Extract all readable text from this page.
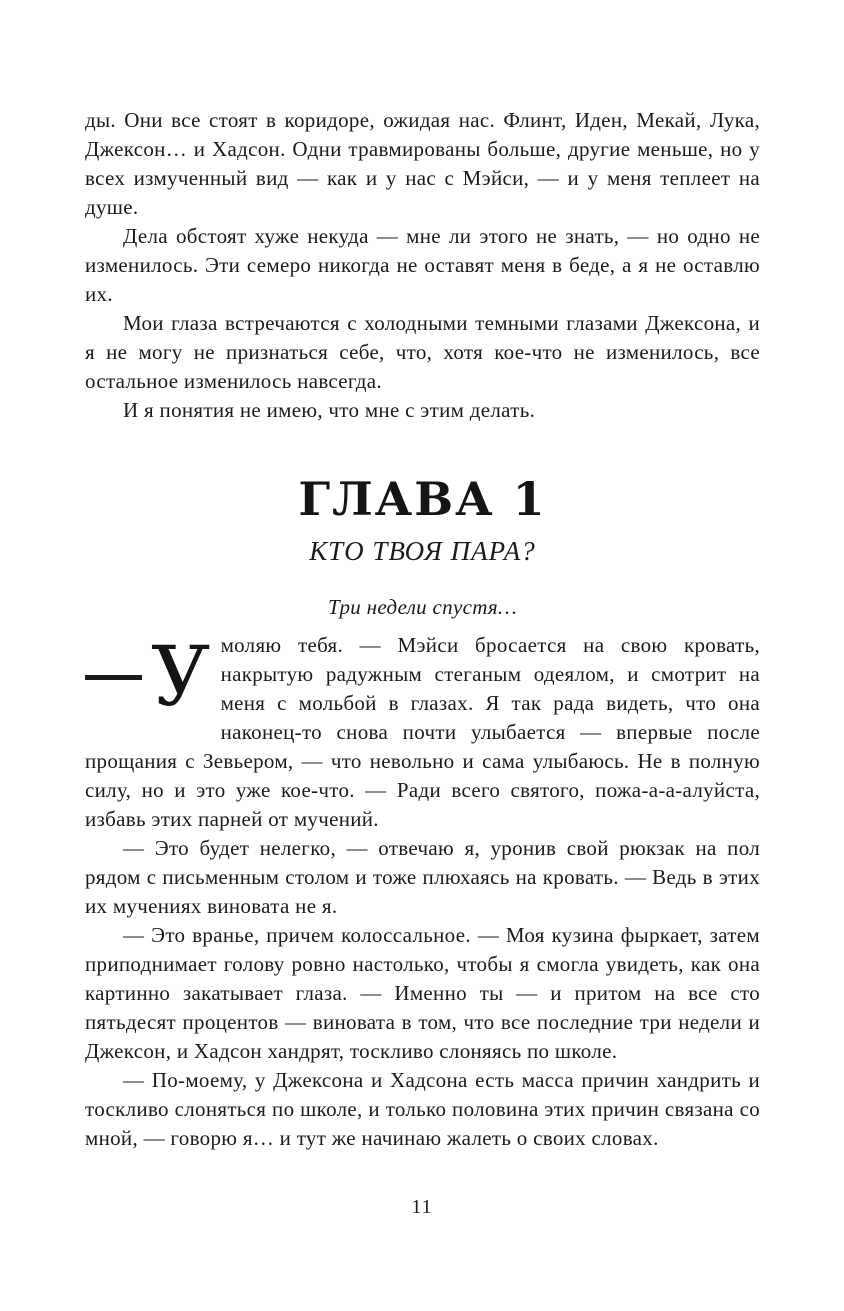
ды. Они все стоят в коридоре, ожидая нас. Флинт, Иден, Мекай, Лука, Джексон… и Хадсон. Одни травмированы больше, другие меньше, но у всех измученный вид — как и у нас с Мэйси, — и у меня теплеет на душе.

Дела обстоят хуже некуда — мне ли этого не знать, — но одно не изменилось. Эти семеро никогда не оставят меня в беде, а я не оставлю их.

Мои глаза встречаются с холодными темными глазами Джексона, и я не могу не признаться себе, что, хотя кое-что не изменилось, все остальное изменилось навсегда.

И я понятия не имею, что мне с этим делать.

ГЛАВА 1
КТО ТВОЯ ПАРА?

Три недели спустя…

У моляю тебя. — Мэйси бросается на свою кровать, накрытую радужным стеганым одеялом, и смотрит на меня с мольбой в глазах. Я так рада видеть, что она наконец-то снова почти улыбается — впервые после прощания с Зевьером, — что невольно и сама улыбаюсь. Не в полную силу, но и это уже кое-что. — Ради всего святого, пожа-а-а-алуйста, избавь этих парней от мучений.

— Это будет нелегко, — отвечаю я, уронив свой рюкзак на пол рядом с письменным столом и тоже плюхаясь на кровать. — Ведь в этих их мучениях виновата не я.

— Это вранье, причем колоссальное. — Моя кузина фыркает, затем приподнимает голову ровно настолько, чтобы я смогла увидеть, как она картинно закатывает глаза. — Именно ты — и притом на все сто пятьдесят процентов — виновата в том, что все последние три недели и Джексон, и Хадсон хандрят, тоскливо слоняясь по школе.

— По-моему, у Джексона и Хадсона есть масса причин хандрить и тоскливо слоняться по школе, и только половина этих причин связана со мной, — говорю я… и тут же начинаю жалеть о своих словах.

11
